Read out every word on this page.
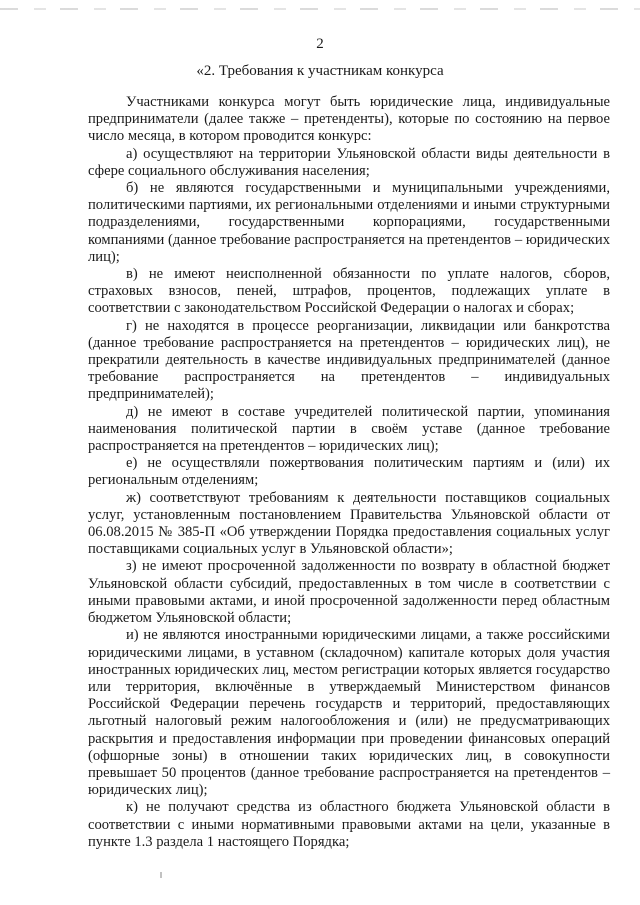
2
«2. Требования к участникам конкурса

Участниками конкурса могут быть юридические лица, индивидуальные предприниматели (далее также – претенденты), которые по состоянию на первое число месяца, в котором проводится конкурс:

а) осуществляют на территории Ульяновской области виды деятельности в сфере социального обслуживания населения;

б) не являются государственными и муниципальными учреждениями, политическими партиями, их региональными отделениями и иными структурными подразделениями, государственными корпорациями, государственными компаниями (данное требование распространяется на претендентов – юридических лиц);

в) не имеют неисполненной обязанности по уплате налогов, сборов, страховых взносов, пеней, штрафов, процентов, подлежащих уплате в соответствии с законодательством Российской Федерации о налогах и сборах;

г) не находятся в процессе реорганизации, ликвидации или банкротства (данное требование распространяется на претендентов – юридических лиц), не прекратили деятельность в качестве индивидуальных предпринимателей (данное требование распространяется на претендентов – индивидуальных предпринимателей);

д) не имеют в составе учредителей политической партии, упоминания наименования политической партии в своём уставе (данное требование распространяется на претендентов – юридических лиц);

е) не осуществляли пожертвования политическим партиям и (или) их региональным отделениям;

ж) соответствуют требованиям к деятельности поставщиков социальных услуг, установленным постановлением Правительства Ульяновской области от 06.08.2015 № 385-П «Об утверждении Порядка предоставления социальных услуг поставщиками социальных услуг в Ульяновской области»;

з) не имеют просроченной задолженности по возврату в областной бюджет Ульяновской области субсидий, предоставленных в том числе в соответствии с иными правовыми актами, и иной просроченной задолженности перед областным бюджетом Ульяновской области;

и) не являются иностранными юридическими лицами, а также российскими юридическими лицами, в уставном (складочном) капитале которых доля участия иностранных юридических лиц, местом регистрации которых является государство или территория, включённые в утверждаемый Министерством финансов Российской Федерации перечень государств и территорий, предоставляющих льготный налоговый режим налогообложения и (или) не предусматривающих раскрытия и предоставления информации при проведении финансовых операций (офшорные зоны) в отношении таких юридических лиц, в совокупности превышает 50 процентов (данное требование распространяется на претендентов – юридических лиц);

к) не получают средства из областного бюджета Ульяновской области в соответствии с иными нормативными правовыми актами на цели, указанные в пункте 1.3 раздела 1 настоящего Порядка;
